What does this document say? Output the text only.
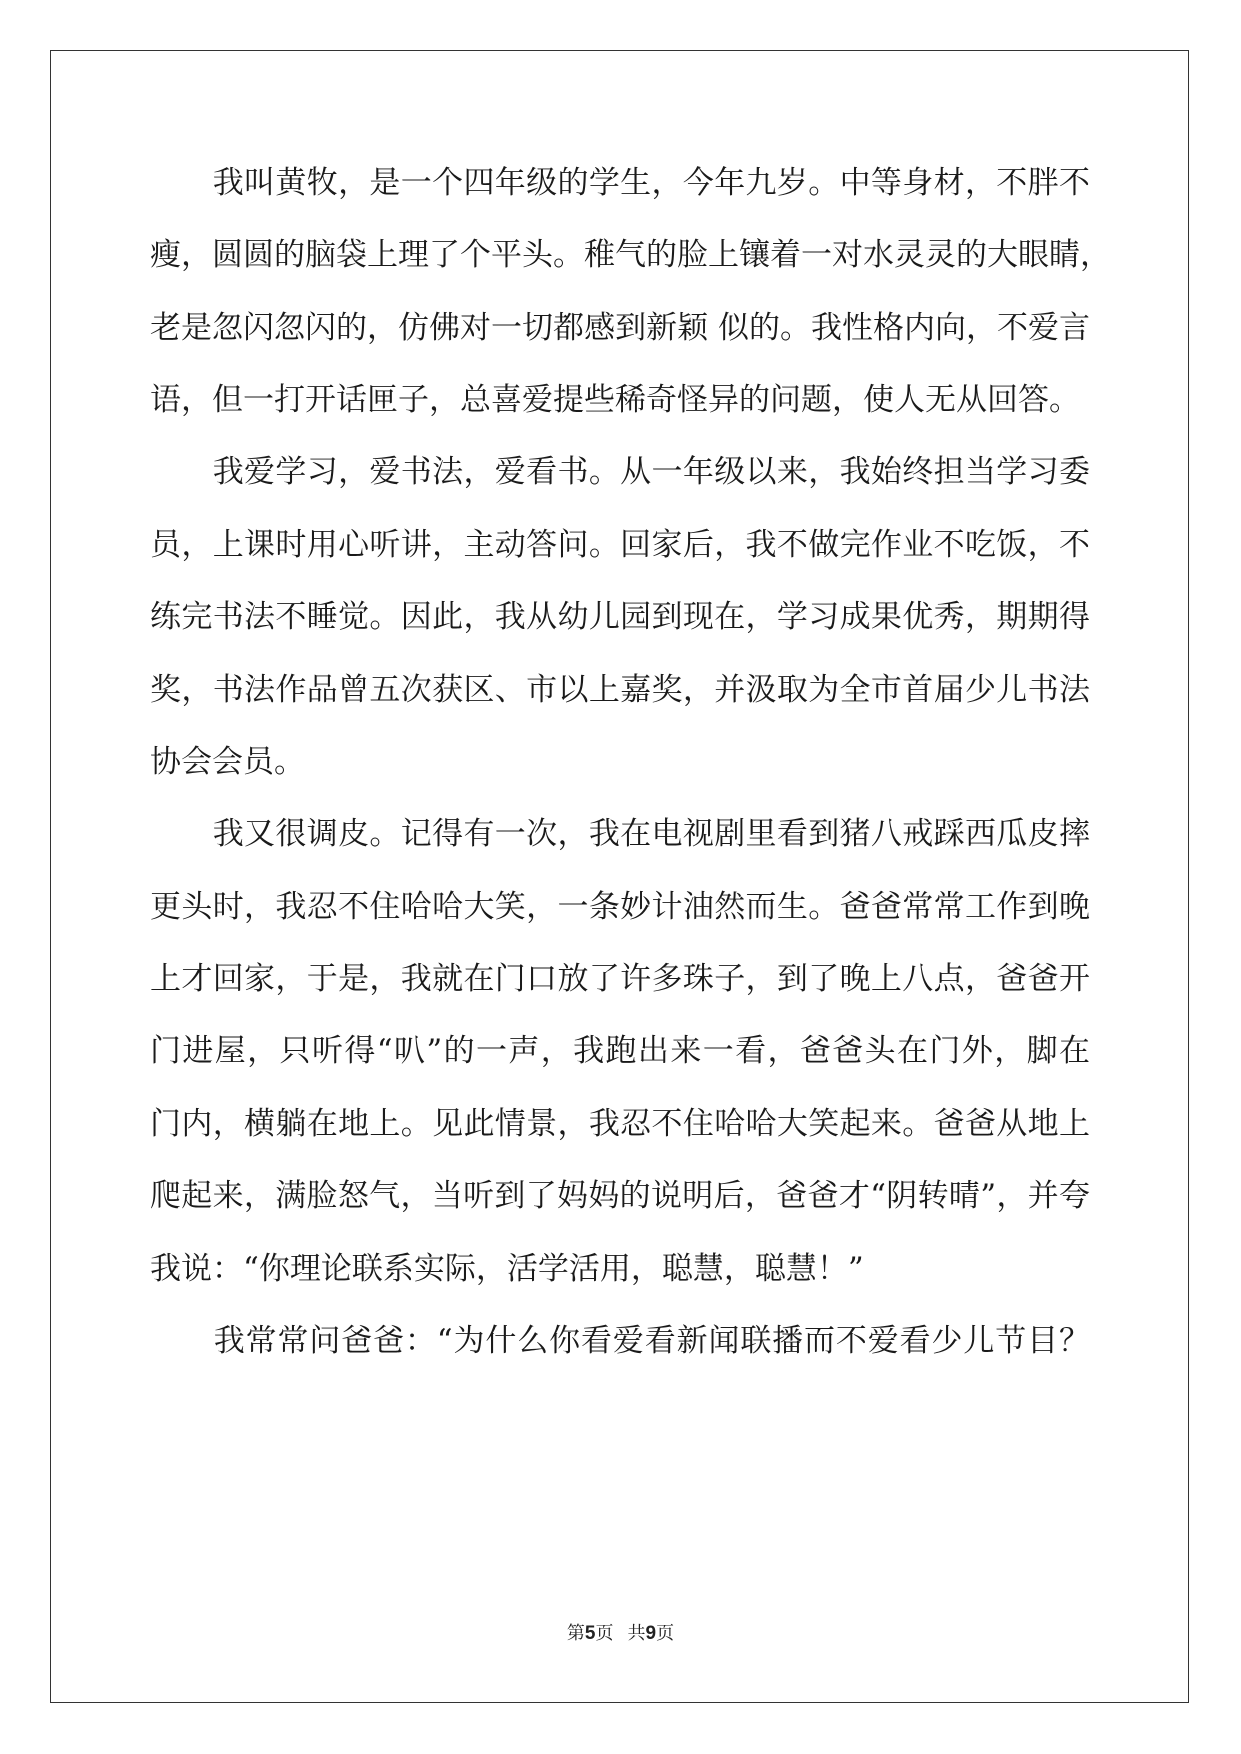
　　我叫黄牧，是一个四年级的学生，今年九岁。中等身材，不胖不
瘦，圆圆的脑袋上理了个平头。稚气的脸上镶着一对水灵灵的大眼睛，
老是忽闪忽闪的，仿佛对一切都感到新颖 似的。我性格内向，不爱言
语，但一打开话匣子，总喜爱提些稀奇怪异的问题，使人无从回答。
　　我爱学习，爱书法，爱看书。从一年级以来，我始终担当学习委
员，上课时用心听讲，主动答问。回家后，我不做完作业不吃饭，不
练完书法不睡觉。因此，我从幼儿园到现在，学习成果优秀，期期得
奖，书法作品曾五次获区、市以上嘉奖，并汲取为全市首届少儿书法
协会会员。
　　我又很调皮。记得有一次，我在电视剧里看到猪八戒踩西瓜皮摔
更头时，我忍不住哈哈大笑，一条妙计油然而生。爸爸常常工作到晚
上才回家，于是，我就在门口放了许多珠子，到了晚上八点，爸爸开
门进屋，只听得“叭”的一声，我跑出来一看，爸爸头在门外，脚在
门内，横躺在地上。见此情景，我忍不住哈哈大笑起来。爸爸从地上
爬起来，满脸怒气，当听到了妈妈的说明后，爸爸才“阴转晴”，并夸
我说：“你理论联系实际，活学活用，聪慧，聪慧！”
　　我常常问爸爸：“为什么你看爱看新闻联播而不爱看少儿节目？
第5页 共9页
